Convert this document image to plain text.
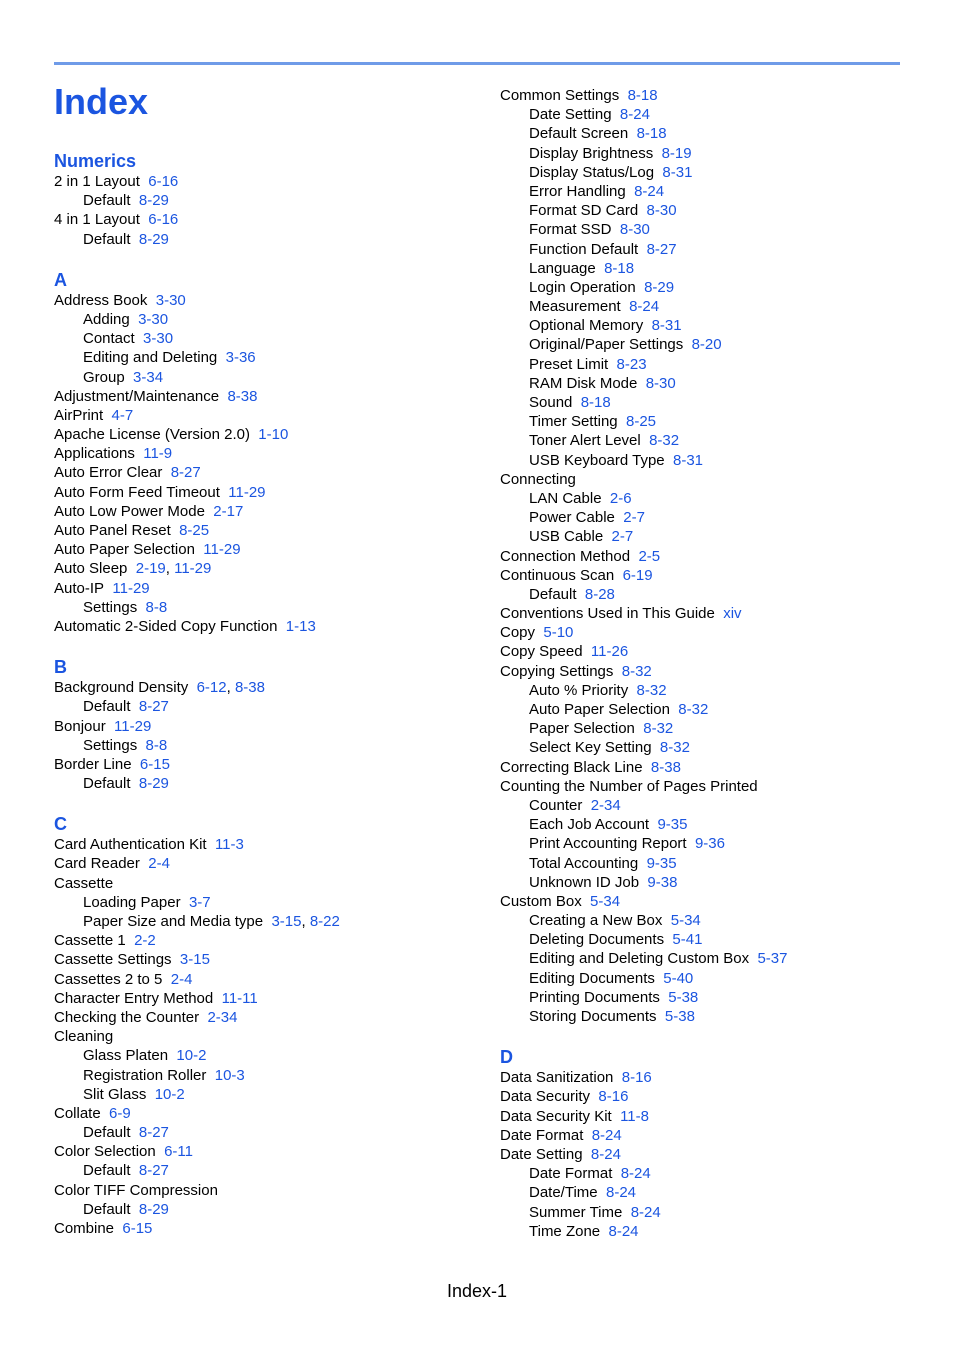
Index
Numerics
2 in 1 Layout 6-16
Default 8-29
4 in 1 Layout 6-16
Default 8-29
A
Address Book 3-30
Adding 3-30
Contact 3-30
Editing and Deleting 3-36
Group 3-34
Adjustment/Maintenance 8-38
AirPrint 4-7
Apache License (Version 2.0) 1-10
Applications 11-9
Auto Error Clear 8-27
Auto Form Feed Timeout 11-29
Auto Low Power Mode 2-17
Auto Panel Reset 8-25
Auto Paper Selection 11-29
Auto Sleep 2-19, 11-29
Auto-IP 11-29
Settings 8-8
Automatic 2-Sided Copy Function 1-13
B
Background Density 6-12, 8-38
Default 8-27
Bonjour 11-29
Settings 8-8
Border Line 6-15
Default 8-29
C
Card Authentication Kit 11-3
Card Reader 2-4
Cassette
Loading Paper 3-7
Paper Size and Media type 3-15, 8-22
Cassette 1 2-2
Cassette Settings 3-15
Cassettes 2 to 5 2-4
Character Entry Method 11-11
Checking the Counter 2-34
Cleaning
Glass Platen 10-2
Registration Roller 10-3
Slit Glass 10-2
Collate 6-9
Default 8-27
Color Selection 6-11
Default 8-27
Color TIFF Compression
Default 8-29
Combine 6-15
Common Settings 8-18
Date Setting 8-24
Default Screen 8-18
Display Brightness 8-19
Display Status/Log 8-31
Error Handling 8-24
Format SD Card 8-30
Format SSD 8-30
Function Default 8-27
Language 8-18
Login Operation 8-29
Measurement 8-24
Optional Memory 8-31
Original/Paper Settings 8-20
Preset Limit 8-23
RAM Disk Mode 8-30
Sound 8-18
Timer Setting 8-25
Toner Alert Level 8-32
USB Keyboard Type 8-31
Connecting
LAN Cable 2-6
Power Cable 2-7
USB Cable 2-7
Connection Method 2-5
Continuous Scan 6-19
Default 8-28
Conventions Used in This Guide xiv
Copy 5-10
Copy Speed 11-26
Copying Settings 8-32
Auto % Priority 8-32
Auto Paper Selection 8-32
Paper Selection 8-32
Select Key Setting 8-32
Correcting Black Line 8-38
Counting the Number of Pages Printed
Counter 2-34
Each Job Account 9-35
Print Accounting Report 9-36
Total Accounting 9-35
Unknown ID Job 9-38
Custom Box 5-34
Creating a New Box 5-34
Deleting Documents 5-41
Editing and Deleting Custom Box 5-37
Editing Documents 5-40
Printing Documents 5-38
Storing Documents 5-38
D
Data Sanitization 8-16
Data Security 8-16
Data Security Kit 11-8
Date Format 8-24
Date Setting 8-24
Date Format 8-24
Date/Time 8-24
Summer Time 8-24
Time Zone 8-24
Index-1
